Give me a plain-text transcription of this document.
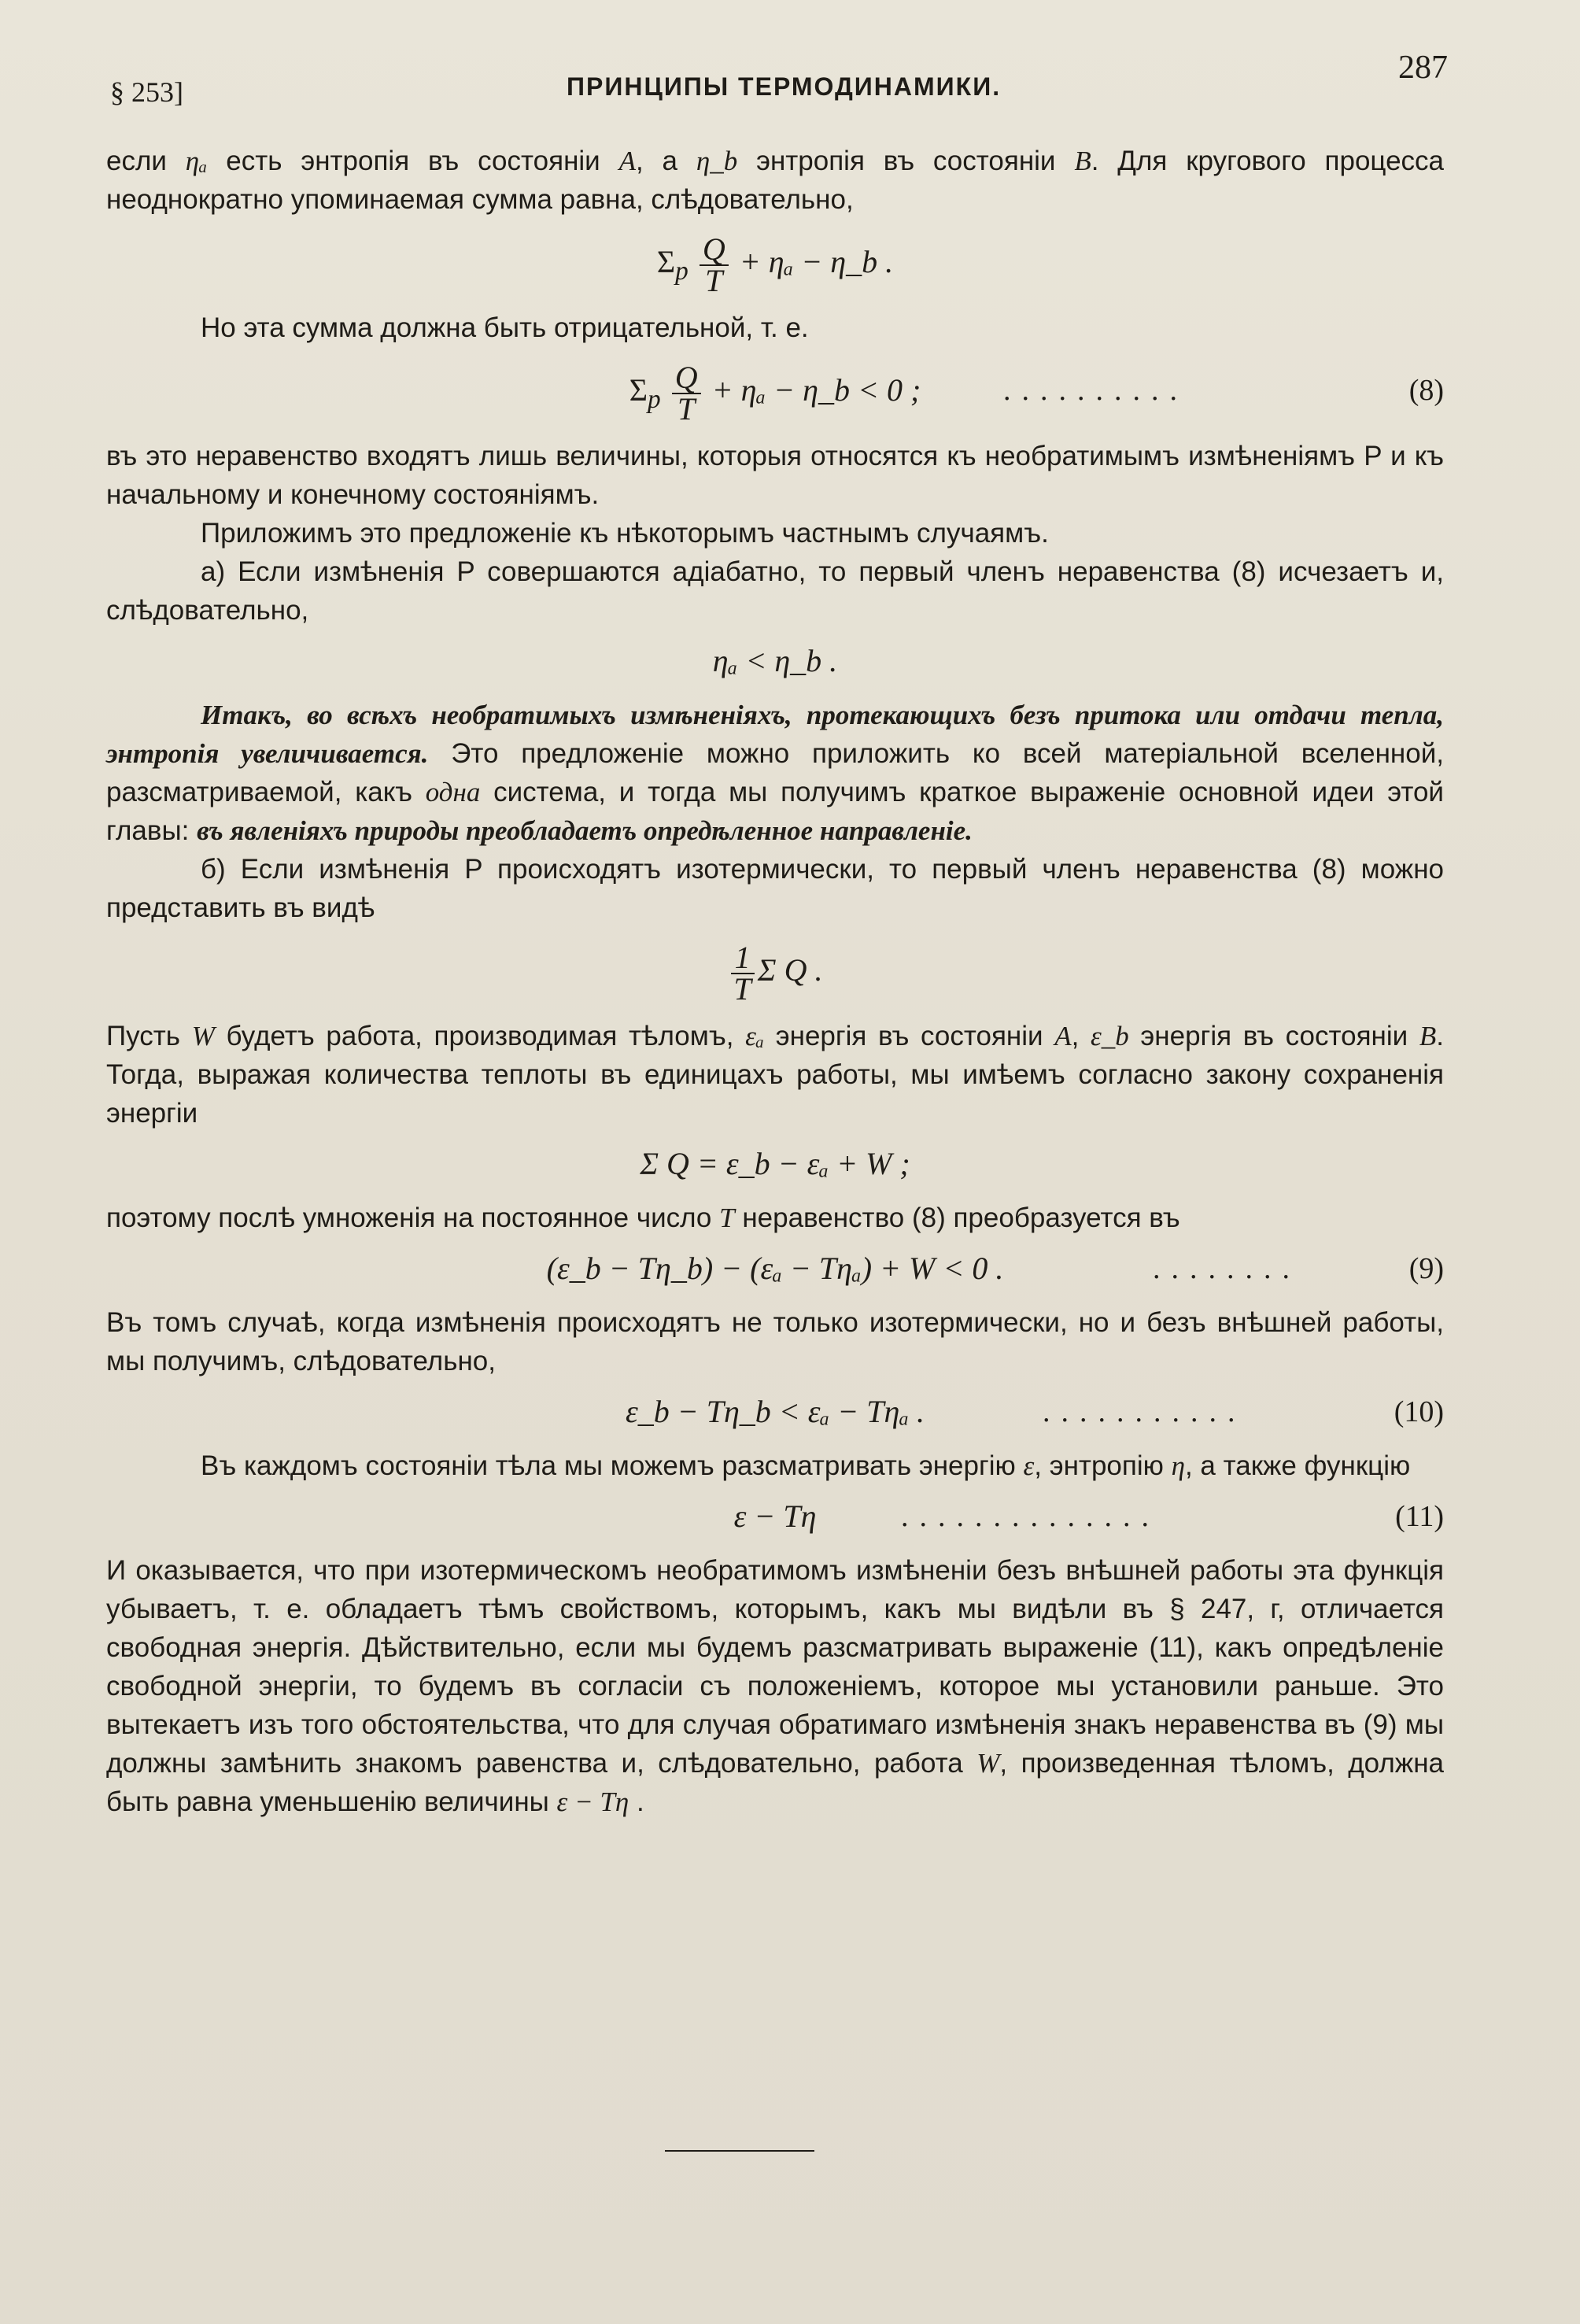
§ 253]	ПРИНЦИПЫ ТЕРМОДИНАМИКИ.
287

если ηₐ есть энтропія въ состояніи A, а η_b энтропія въ состояніи B. Для кругового процесса неоднократно упоминаемая сумма равна, слѣдовательно,

$\Sigma_p \frac{Q}{T} + \eta_a$ − η_b .

Но эта сумма должна быть отрицательной, т. е.

$\Sigma_p \frac{Q}{T} + \eta_a$ − η_b < 0 ;	..........	(8)

въ это неравенство входятъ лишь величины, которыя относятся къ необратимымъ измѣненіямъ P и къ начальному и конечному состояніямъ.

Приложимъ это предложеніе къ нѣкоторымъ частнымъ случаямъ.

а) Если измѣненія P совершаются адіабатно, то первый членъ неравенства (8) исчезаетъ и, слѣдовательно,

ηₐ < η_b .

Итакъ, во всѣхъ необратимыхъ измѣненіяхъ, протекающихъ безъ притока или отдачи тепла, энтропія увеличивается. Это предложеніе можно приложить ко всей матеріальной вселенной, разсматриваемой, какъ одна система, и тогда мы получимъ краткое выраженіе основной идеи этой главы: въ явленіяхъ природы преобладаетъ опредѣленное направленіе.

б) Если измѣненія P происходятъ изотермически, то первый членъ неравенства (8) можно представить въ видѣ

$\frac{1}{T}$ Σ Q .

Пусть W будетъ работа, производимая тѣломъ, εₐ энергія въ состояніи A, ε_b энергія въ состояніи B. Тогда, выражая количества теплоты въ единицахъ работы, мы имѣемъ согласно закону сохраненія энергіи

Σ Q = ε_b − εₐ + W ;

поэтому послѣ умноженія на постоянное число T неравенство (8) преобразуется въ

(ε_b − Tη_b) − (εₐ − Tηₐ) + W < 0 .	........	(9)

Въ томъ случаѣ, когда измѣненія происходятъ не только изотермически, но и безъ внѣшней работы, мы получимъ, слѣдовательно,

ε_b − Tη_b < εₐ − Tηₐ .	...........	(10)

Въ каждомъ состояніи тѣла мы можемъ разсматривать энергію ε, энтропію η, а также функцію

ε − Tη	..............	(11)

И оказывается, что при изотермическомъ необратимомъ измѣненіи безъ внѣшней работы эта функція убываетъ, т. е. обладаетъ тѣмъ свойствомъ, которымъ, какъ мы видѣли въ § 247, г, отличается свободная энергія. Дѣйствительно, если мы будемъ разсматривать выраженіе (11), какъ опредѣленіе свободной энергіи, то будемъ въ согласіи съ положеніемъ, которое мы установили раньше. Это вытекаетъ изъ того обстоятельства, что для случая обратимаго измѣненія знакъ неравенства въ (9) мы должны замѣнить знакомъ равенства и, слѣдовательно, работа W, произведенная тѣломъ, должна быть равна уменьшенію величины ε − Tη .
